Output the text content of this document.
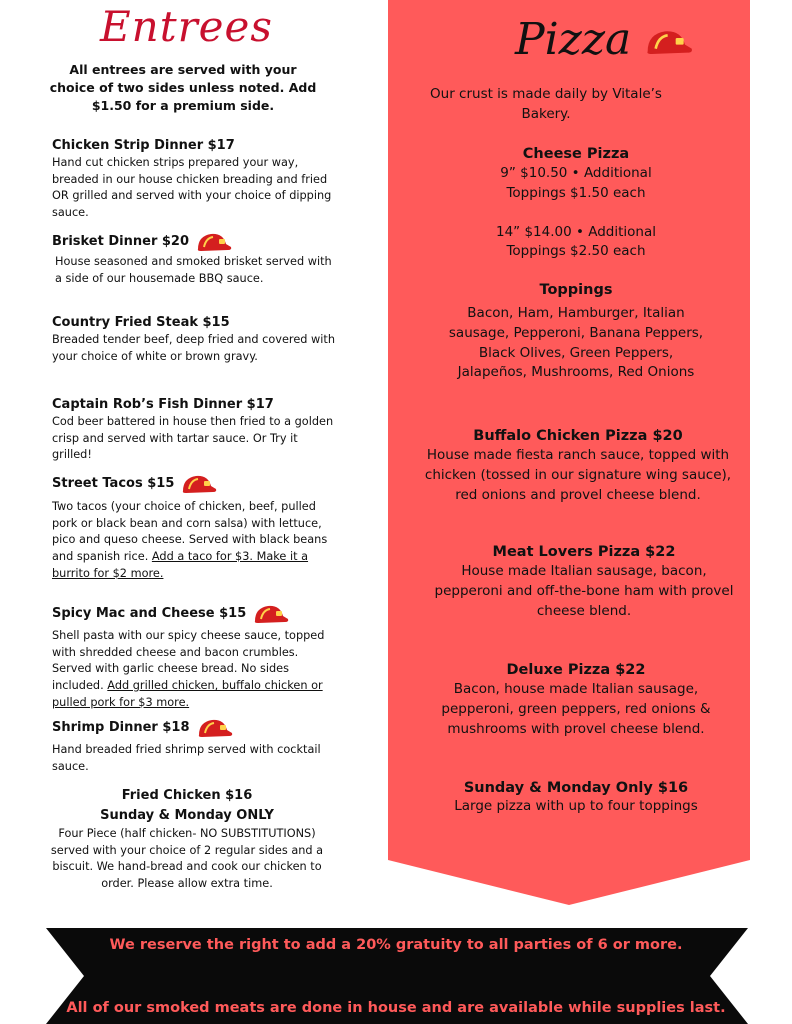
Entrees
All entrees are served with your choice of two sides unless noted. Add $1.50 for a premium side.
Chicken Strip Dinner $17
Hand cut chicken strips prepared your way, breaded in our house chicken breading and fried OR grilled and served with your choice of dipping sauce.
Brisket Dinner $20
House seasoned and smoked brisket served with a side of our housemade BBQ sauce.
Country Fried Steak $15
Breaded tender beef, deep fried and covered with your choice of white or brown gravy.
Captain Rob’s Fish Dinner $17
Cod beer battered in house then fried to a golden crisp and served with tartar sauce. Or Try it grilled!
Street Tacos $15
Two tacos (your choice of chicken, beef, pulled pork or black bean and corn salsa) with lettuce, pico and queso cheese. Served with black beans and spanish rice. Add a taco for $3. Make it a burrito for $2 more.
Spicy Mac and Cheese $15
Shell pasta with our spicy cheese sauce, topped with shredded cheese and bacon crumbles. Served with garlic cheese bread. No sides included. Add grilled chicken, buffalo chicken or pulled pork for $3 more.
Shrimp Dinner $18
Hand breaded fried shrimp served with cocktail sauce.
Fried Chicken $16
Sunday & Monday ONLY
Four Piece (half chicken- NO SUBSTITUTIONS) served with your choice of 2 regular sides and a biscuit. We hand-bread and cook our chicken to order. Please allow extra time.
Pizza
Our crust is made daily by Vitale’s Bakery.
Cheese Pizza
9” $10.50 • Additional Toppings $1.50 each
14” $14.00 • Additional Toppings $2.50 each
Toppings
Bacon, Ham, Hamburger, Italian sausage, Pepperoni, Banana Peppers, Black Olives, Green Peppers, Jalapeños, Mushrooms, Red Onions
Buffalo Chicken Pizza $20
House made fiesta ranch sauce, topped with chicken (tossed in our signature wing sauce), red onions and provel cheese blend.
Meat Lovers Pizza $22
House made Italian sausage, bacon, pepperoni and off-the-bone ham with provel cheese blend.
Deluxe Pizza $22
Bacon, house made Italian sausage, pepperoni, green peppers, red onions & mushrooms with provel cheese blend.
Sunday & Monday Only $16
Large pizza with up to four toppings
We reserve the right to add a 20% gratuity to all parties of 6 or more.
All of our smoked meats are done in house and are available while supplies last.
